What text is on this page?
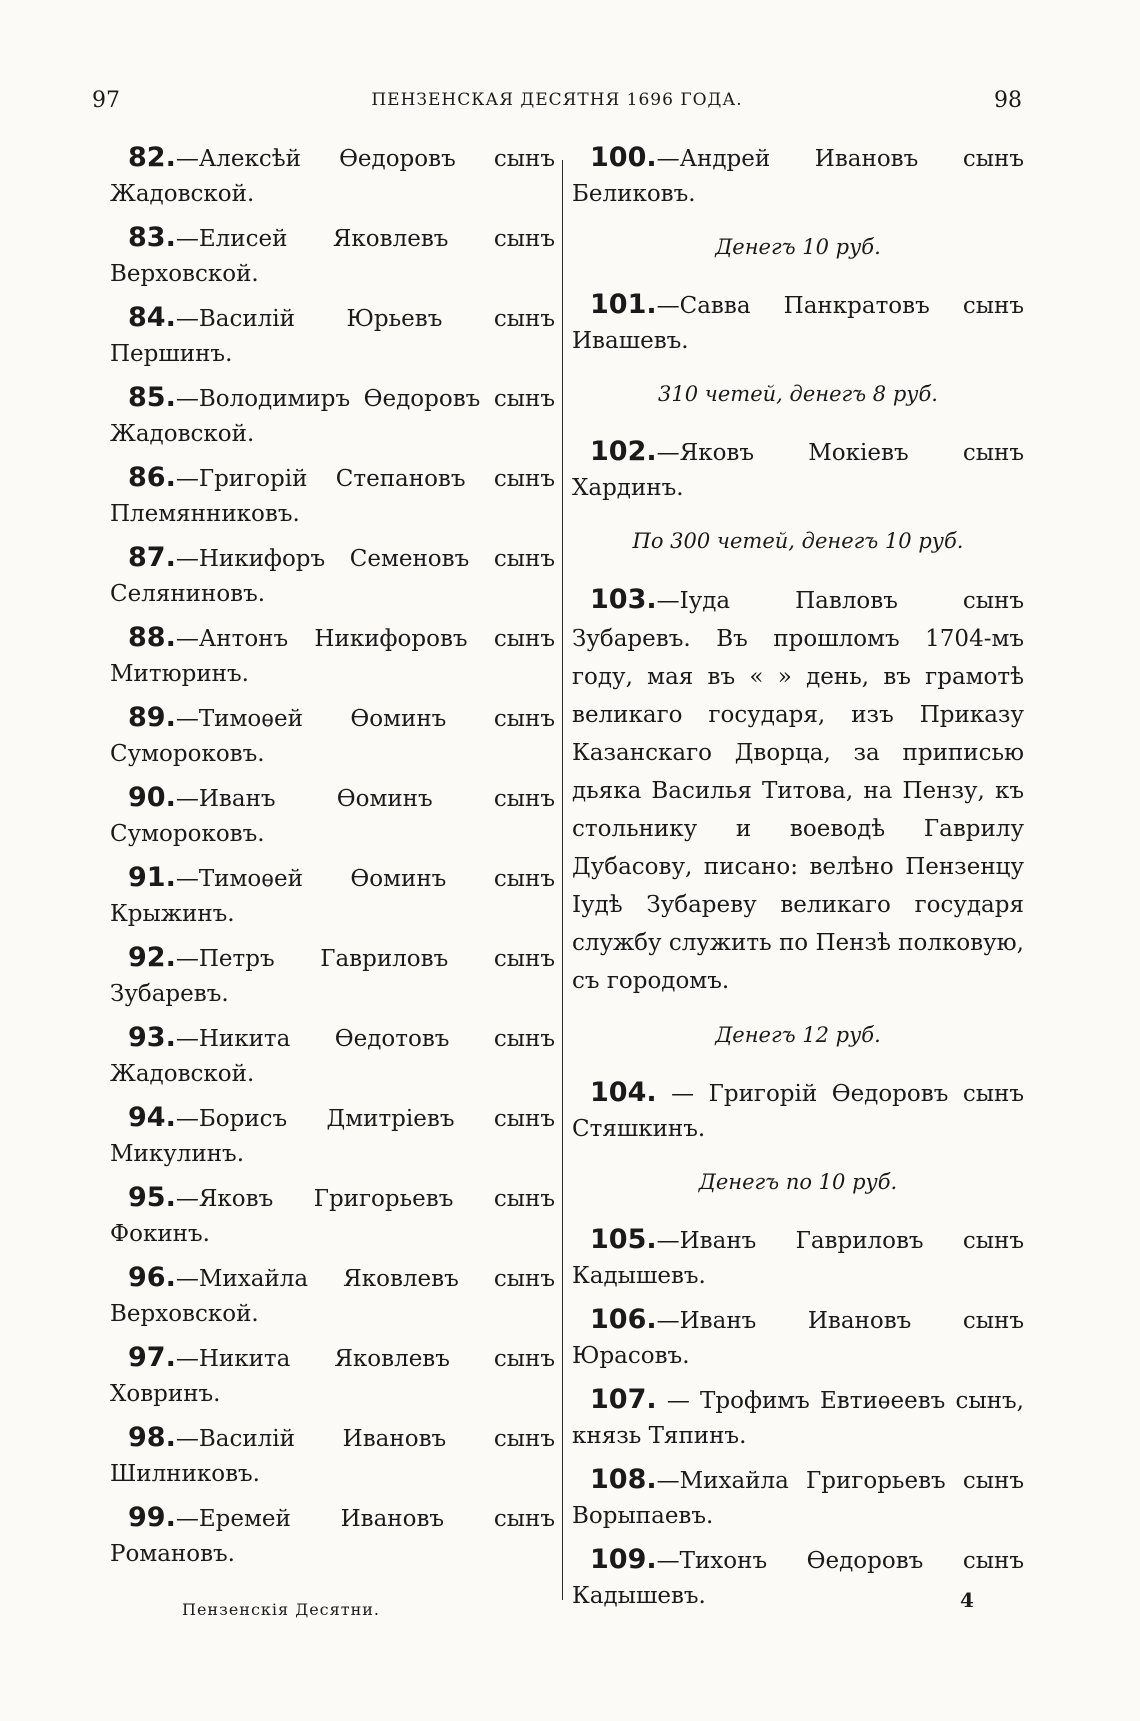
97	ПЕНЗЕНСКАЯ ДЕСЯТНЯ 1696 ГОДА.	98

82.—Алексѣй Ѳедоровъ сынъ Жадовской.

83.—Елисей Яковлевъ сынъ Верховской.

84.—Василій Юрьевъ сынъ Першинъ.

85.—Володимиръ Ѳедоровъ сынъ Жадовской.

86.—Григорій Степановъ сынъ Племянниковъ.

87.—Никифоръ Семеновъ сынъ Селяниновъ.

88.—Антонъ Никифоровъ сынъ Митюринъ.

89.—Тимоѳей Ѳоминъ сынъ Сумороковъ.

90.—Иванъ Ѳоминъ сынъ Сумороковъ.

91.—Тимоѳей Ѳоминъ сынъ Крыжинъ.

92.—Петръ Гавриловъ сынъ Зубаревъ.

93.—Никита Ѳедотовъ сынъ Жадовской.

94.—Борисъ Дмитріевъ сынъ Микулинъ.

95.—Яковъ Григорьевъ сынъ Фокинъ.

96.—Михайла Яковлевъ сынъ Верховской.

97.—Никита Яковлевъ сынъ Ховринъ.

98.—Василій Ивановъ сынъ Шилниковъ.

99.—Еремей Ивановъ сынъ Романовъ.

100.—Андрей Ивановъ сынъ Беликовъ.

Денегъ 10 руб.

101.—Савва Панкратовъ сынъ Ивашевъ.

310 четей, денегъ 8 руб.

102.—Яковъ Мокіевъ сынъ Хардинъ.

По 300 четей, денегъ 10 руб.

103.—Іуда Павловъ сынъ Зубаревъ. Въ прошломъ 1704-мъ году, мая въ « » день, въ грамотѣ великаго государя, изъ Приказу Казанскаго Дворца, за приписью дьяка Василья Титова, на Пензу, къ стольнику и воеводѣ Гаврилу Дубасову, писано: велѣно Пензенцу Іудѣ Зубареву великаго государя службу служить по Пензѣ полковую, съ городомъ.

Денегъ 12 руб.

104. — Григорій Ѳедоровъ сынъ Стяшкинъ.

Денегъ по 10 руб.

105.—Иванъ Гавриловъ сынъ Кадышевъ.

106.—Иванъ Ивановъ сынъ Юрасовъ.

107. — Трофимъ Евтиѳеевъ сынъ, князь Тяпинъ.

108.—Михайла Григорьевъ сынъ Ворыпаевъ.

109.—Тихонъ Ѳедоровъ сынъ Кадышевъ.

Пензенскія Десятни.	4
